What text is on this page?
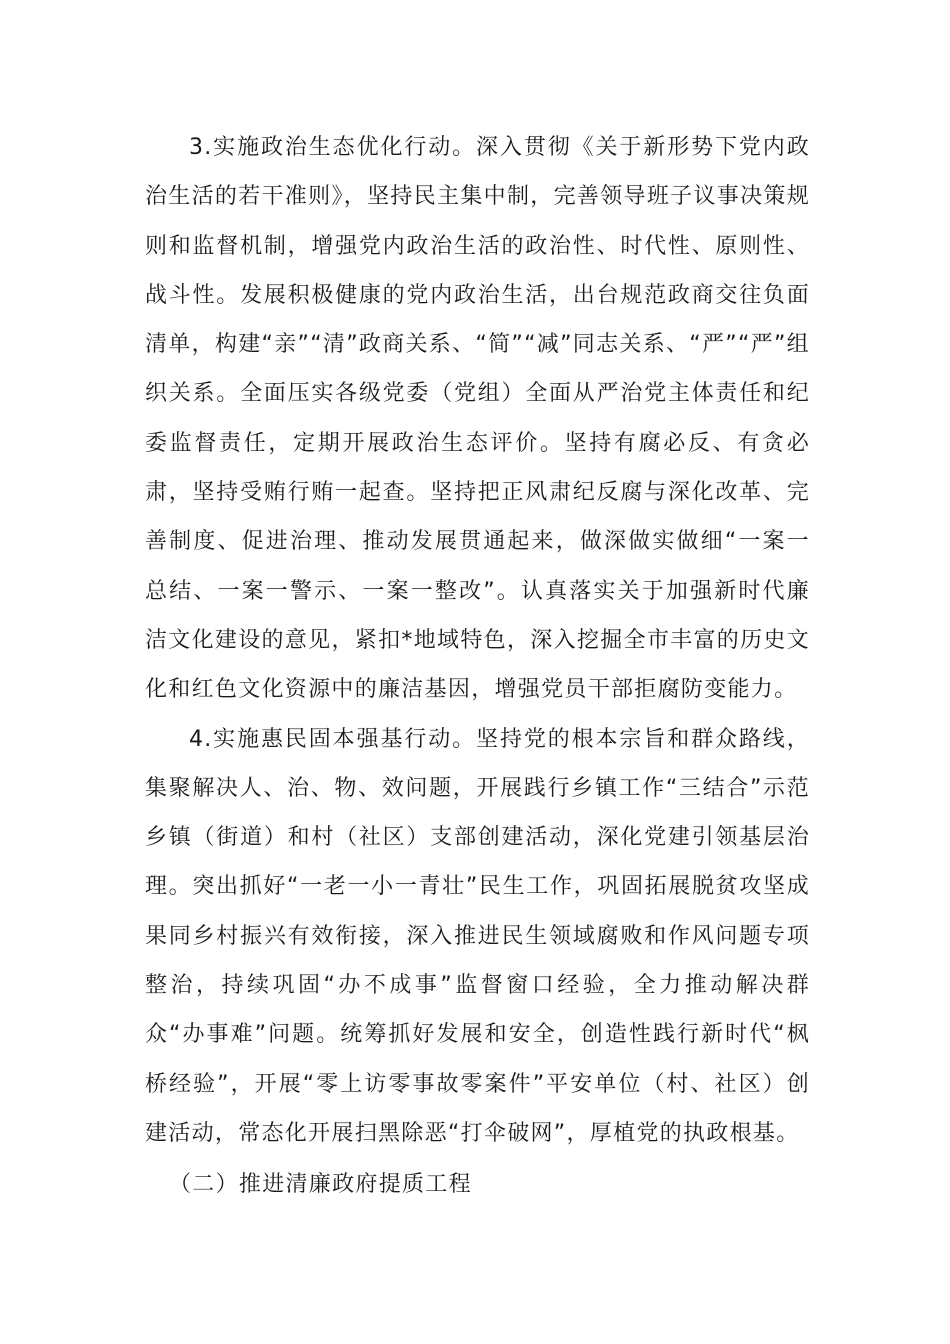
3.实施政治生态优化行动。深入贯彻《关于新形势下党内政治生活的若干准则》，坚持民主集中制，完善领导班子议事决策规则和监督机制，增强党内政治生活的政治性、时代性、原则性、战斗性。发展积极健康的党内政治生活，出台规范政商交往负面清单，构建“亲”“清”政商关系、“简”“减”同志关系、“严”“严”组织关系。全面压实各级党委（党组）全面从严治党主体责任和纪委监督责任，定期开展政治生态评价。坚持有腐必反、有贪必肃，坚持受贿行贿一起查。坚持把正风肃纪反腐与深化改革、完善制度、促进治理、推动发展贯通起来，做深做实做细“一案一总结、一案一警示、一案一整改”。认真落实关于加强新时代廉洁文化建设的意见，紧扣*地域特色，深入挖掘全市丰富的历史文化和红色文化资源中的廉洁基因，增强党员干部拒腐防变能力。

4.实施惠民固本强基行动。坚持党的根本宗旨和群众路线，集聚解决人、治、物、效问题，开展践行乡镇工作“三结合”示范乡镇（街道）和村（社区）支部创建活动，深化党建引领基层治理。突出抓好“一老一小一青壮”民生工作，巩固拓展脱贫攻坚成果同乡村振兴有效衔接，深入推进民生领域腐败和作风问题专项整治，持续巩固“办不成事”监督窗口经验，全力推动解决群众“办事难”问题。统筹抓好发展和安全，创造性践行新时代“枫桥经验”，开展“零上访零事故零案件”平安单位（村、社区）创建活动，常态化开展扫黑除恶“打伞破网”，厚植党的执政根基。

（二）推进清廉政府提质工程
